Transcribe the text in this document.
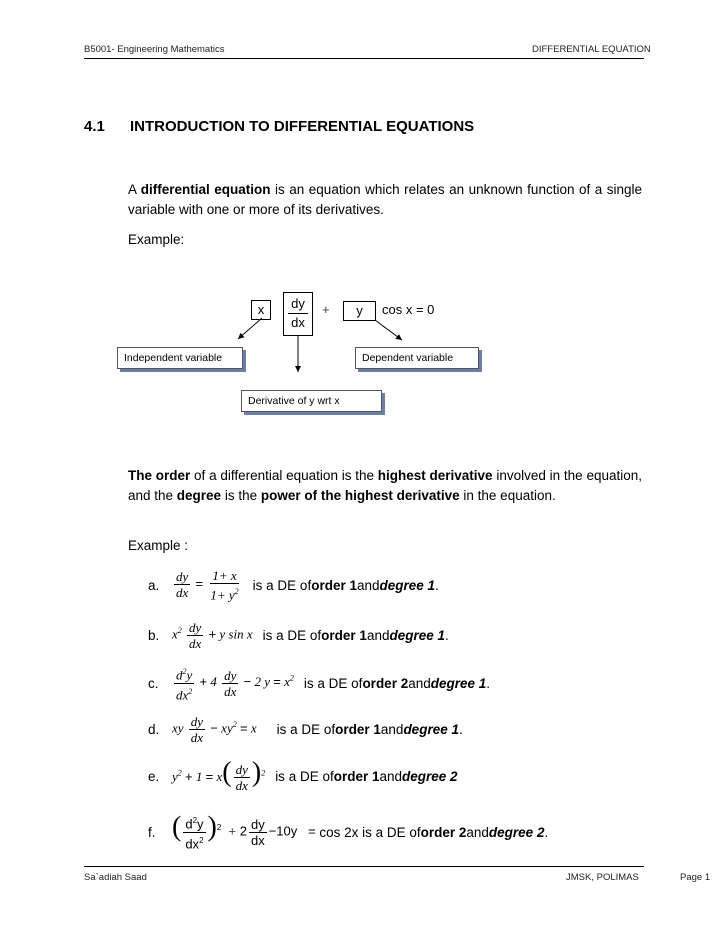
B5001- Engineering Mathematics	DIFFERENTIAL EQUATION
4.1 INTRODUCTION TO DIFFERENTIAL EQUATIONS
A differential equation is an equation which relates an unknown function of a single variable with one or more of its derivatives.
Example:
x	dy
dx
+	y	cos x = 0
Independent variable	Dependent variable
Derivative of y wrt x
The order of a differential equation is the highest derivative involved in the equation, and the degree is the power of the highest derivative in the equation.
Example :
a.	$\frac{dy}{dx} = \frac{1+ x}{1+ y^2}$ is a DE of order 1 and degree 1 .
b. $x^2 \frac{dy}{dx} + y$ sin x is a DE of order 1 and degree 1 .
c.	$\frac{d^2y}{dx^2} + 4 \frac{dy}{dx} - 2$ $y = x^2$ is a DE of order 2 and degree 1 .
d. xy $\frac{dy}{dx} - xy^2 = x$ is a DE of order 1 and degree 1 .
e. $y^2 + 1 = x( \frac{dy}{dx} )^2$ is a DE of order 1 and degree 2
f. ( $\frac{d^2y}{dx^2} )^2 + 2 \frac{dy}{dx} -10y = \cos 2x$ is a DE of order 2 and degree 2 .
Sa`adiah Saad	JMSK, POLIMAS	Page 1
